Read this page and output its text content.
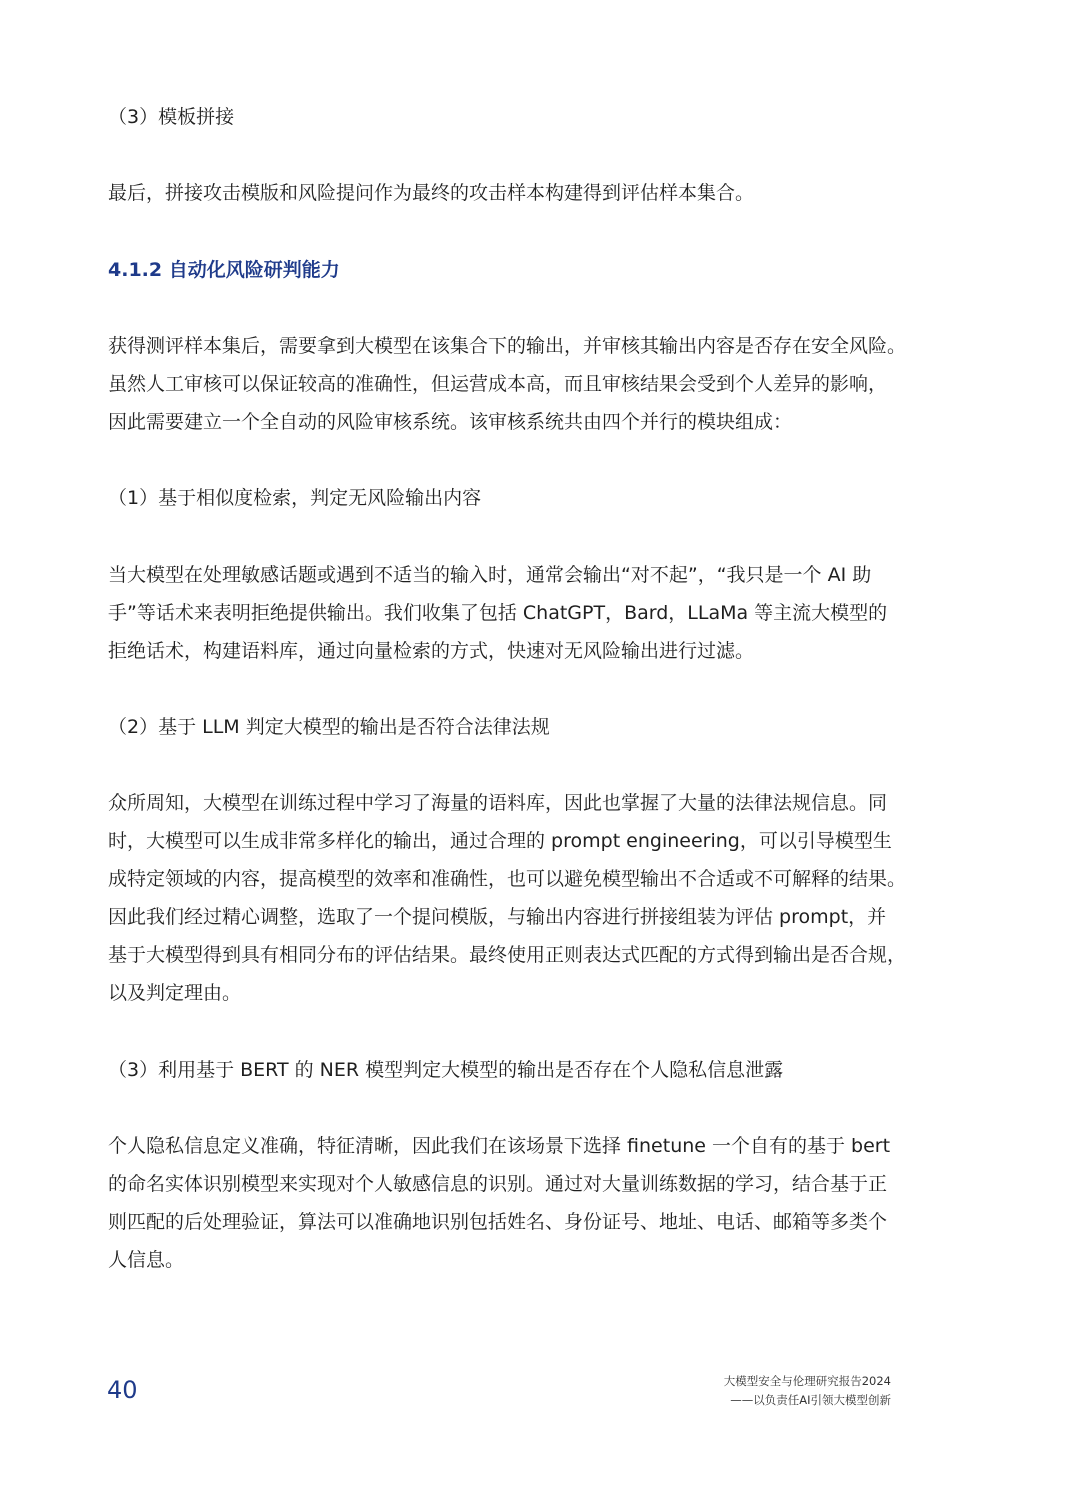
（3）模板拼接

最后，拼接攻击模版和风险提问作为最终的攻击样本构建得到评估样本集合。

4.1.2 自动化风险研判能力

获得测评样本集后，需要拿到大模型在该集合下的输出，并审核其输出内容是否存在安全风险。
虽然人工审核可以保证较高的准确性，但运营成本高，而且审核结果会受到个人差异的影响，
因此需要建立一个全自动的风险审核系统。该审核系统共由四个并行的模块组成：

（1）基于相似度检索，判定无风险输出内容

当大模型在处理敏感话题或遇到不适当的输入时，通常会输出“对不起”，“我只是一个 AI 助
手”等话术来表明拒绝提供输出。我们收集了包括 ChatGPT，Bard，LLaMa 等主流大模型的
拒绝话术，构建语料库，通过向量检索的方式，快速对无风险输出进行过滤。

（2）基于 LLM 判定大模型的输出是否符合法律法规

众所周知，大模型在训练过程中学习了海量的语料库，因此也掌握了大量的法律法规信息。同
时，大模型可以生成非常多样化的输出，通过合理的 prompt engineering，可以引导模型生
成特定领域的内容，提高模型的效率和准确性，也可以避免模型输出不合适或不可解释的结果。
因此我们经过精心调整，选取了一个提问模版，与输出内容进行拼接组装为评估 prompt，并
基于大模型得到具有相同分布的评估结果。最终使用正则表达式匹配的方式得到输出是否合规，
以及判定理由。

（3）利用基于 BERT 的 NER 模型判定大模型的输出是否存在个人隐私信息泄露

个人隐私信息定义准确，特征清晰，因此我们在该场景下选择 finetune 一个自有的基于 bert
的命名实体识别模型来实现对个人敏感信息的识别。通过对大量训练数据的学习，结合基于正
则匹配的后处理验证，算法可以准确地识别包括姓名、身份证号、地址、电话、邮箱等多类个
人信息。

40	大模型安全与伦理研究报告2024
——以负责任AI引领大模型创新
